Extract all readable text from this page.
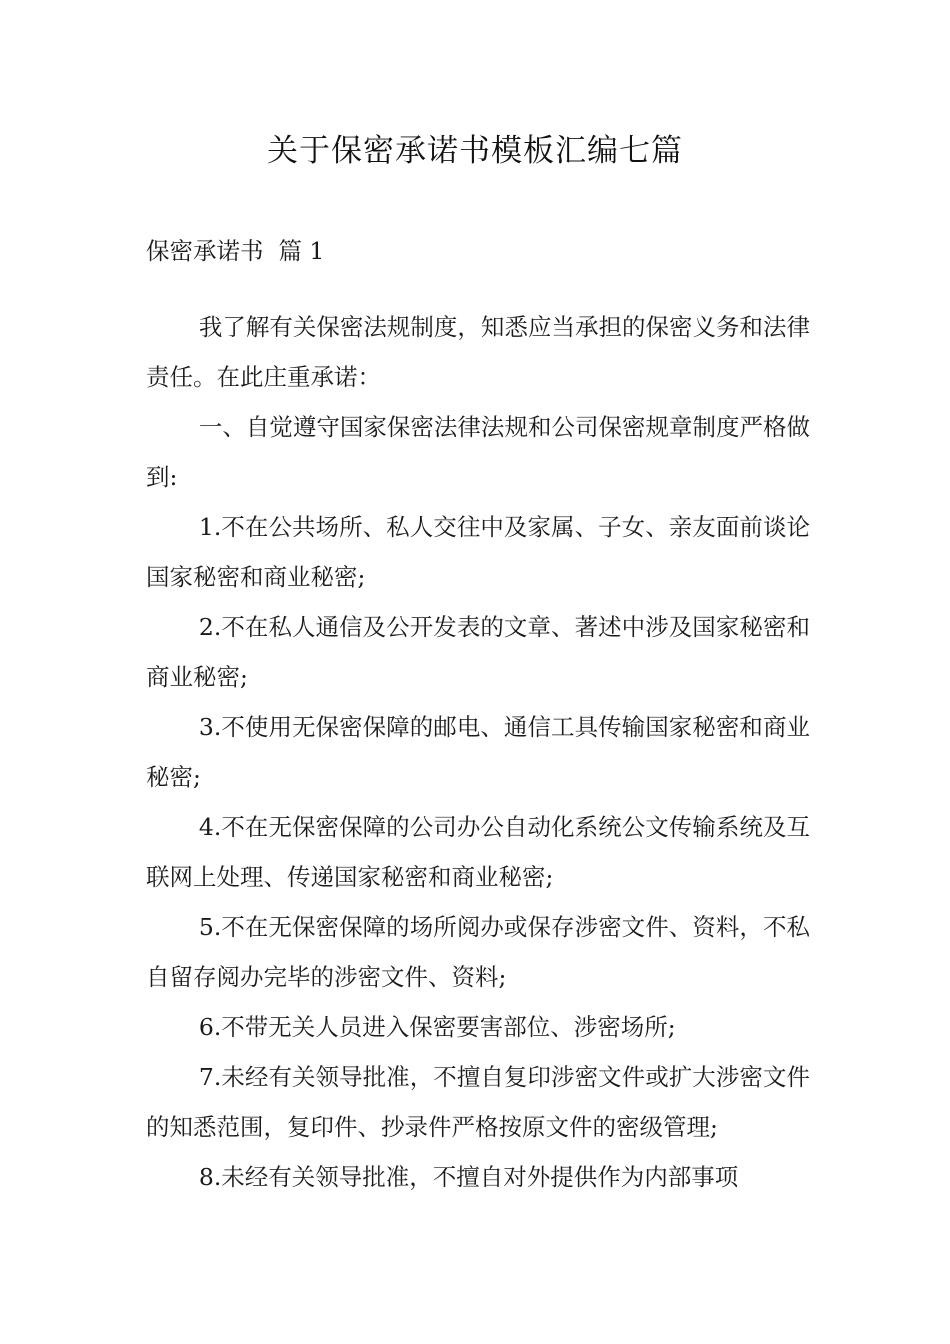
关于保密承诺书模板汇编七篇

保密承诺书  篇 1

我了解有关保密法规制度，知悉应当承担的保密义务和法律责任。在此庄重承诺：

一、自觉遵守国家保密法律法规和公司保密规章制度严格做到:

1.不在公共场所、私人交往中及家属、子女、亲友面前谈论国家秘密和商业秘密;

2.不在私人通信及公开发表的文章、著述中涉及国家秘密和商业秘密;

3.不使用无保密保障的邮电、通信工具传输国家秘密和商业秘密;

4.不在无保密保障的公司办公自动化系统公文传输系统及互联网上处理、传递国家秘密和商业秘密;

5.不在无保密保障的场所阅办或保存涉密文件、资料，不私自留存阅办完毕的涉密文件、资料;

6.不带无关人员进入保密要害部位、涉密场所;

7.未经有关领导批准，不擅自复印涉密文件或扩大涉密文件的知悉范围，复印件、抄录件严格按原文件的密级管理;

8.未经有关领导批准，不擅自对外提供作为内部事项
